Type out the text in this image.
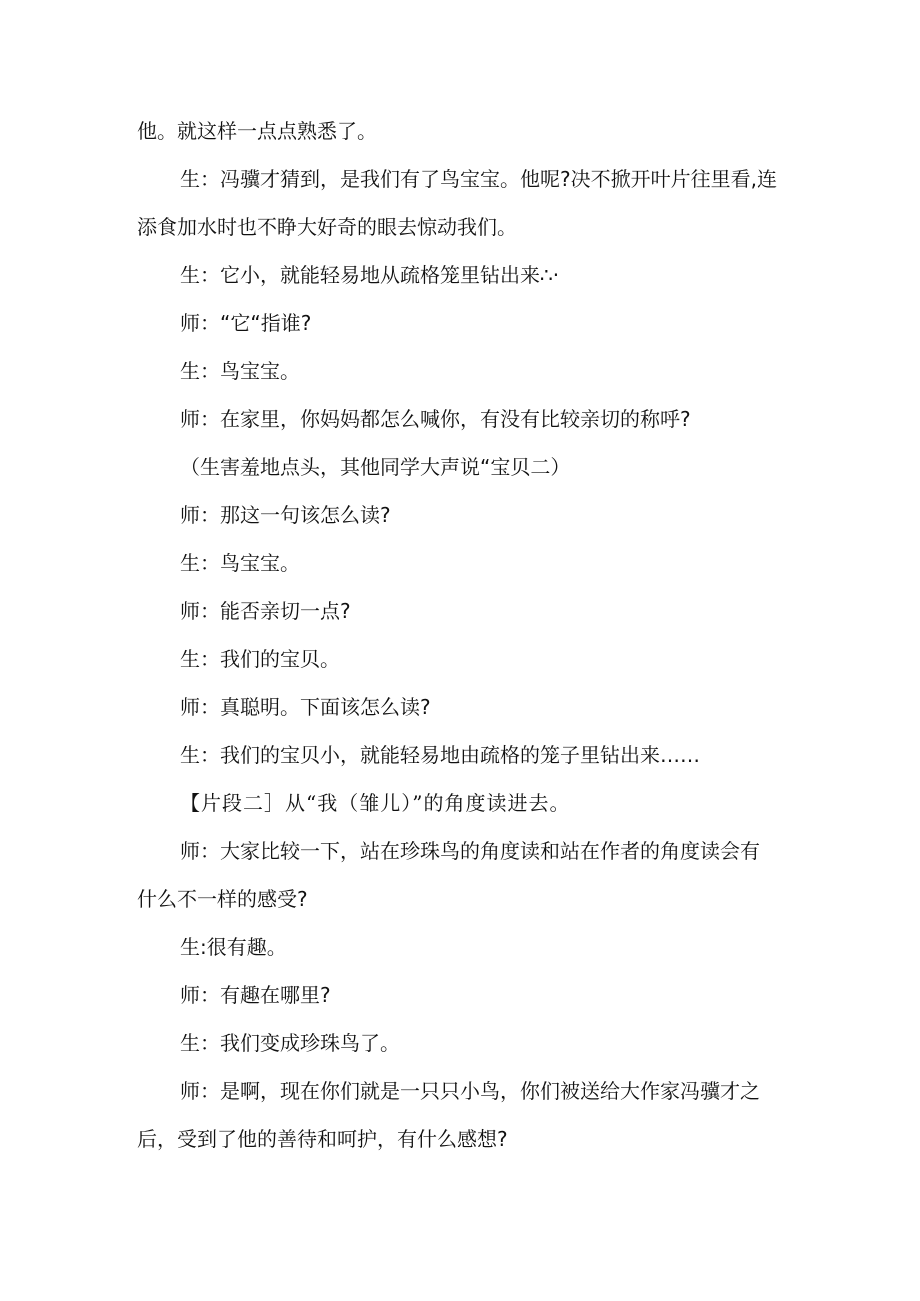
他。就这样一点点熟悉了。
生：冯骥才猜到，是我们有了鸟宝宝。他呢?决不掀开叶片往里看,连
添食加水时也不睁大好奇的眼去惊动我们。
生：它小，就能轻易地从疏格笼里钻出来∴·
师：“它“指谁?
生：鸟宝宝。
师：在家里，你妈妈都怎么喊你，有没有比较亲切的称呼?
（生害羞地点头，其他同学大声说“宝贝二）
师：那这一句该怎么读?
生：鸟宝宝。
师：能否亲切一点?
生：我们的宝贝。
师：真聪明。下面该怎么读?
生：我们的宝贝小，就能轻易地由疏格的笼子里钻出来……
【片段二］从“我（雏儿）”的角度读进去。
师：大家比较一下，站在珍珠鸟的角度读和站在作者的角度读会有
什么不一样的感受?
生:很有趣。
师：有趣在哪里?
生：我们变成珍珠鸟了。
师：是啊，现在你们就是一只只小鸟，你们被送给大作家冯骥才之
后，受到了他的善待和呵护，有什么感想?
